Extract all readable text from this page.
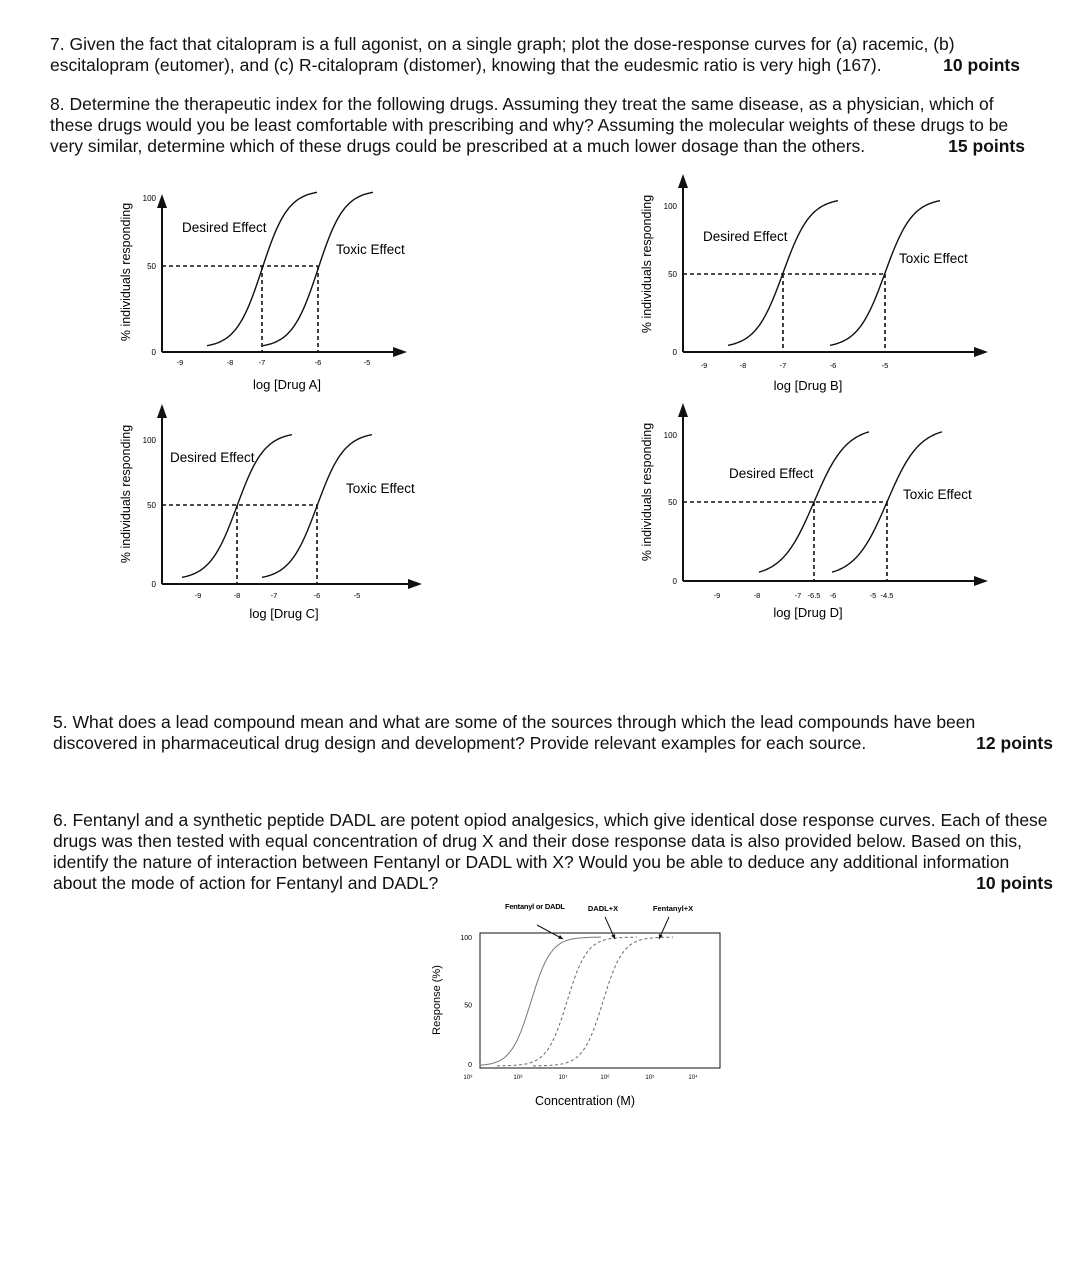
7. Given the fact that citalopram is a full agonist, on a single graph; plot the dose-response curves for (a) racemic, (b) escitalopram (eutomer), and (c) R-citalopram (distomer), knowing that the eudesmic ratio is very high (167).	10 points

8. Determine the therapeutic index for the following drugs. Assuming they treat the same disease, as a physician, which of these drugs would you be least comfortable with prescribing and why? Assuming the molecular weights of these drugs to be very similar, determine which of these drugs could be prescribed at a much lower dosage than the others.	15 points
0
50
100
-9	-8	-7	-6	-5
Desired Effect
Toxic Effect
log [Drug A]
% individuals responding
0
50
100
-9	-8	-7	-6	-5
Desired Effect
Toxic Effect
log [Drug B]
% individuals responding
0
50
100
-9	-8	-7	-6	-5
Desired Effect
Toxic Effect
log [Drug C]
% individuals responding
0
50
100
-9	-8	-7 -6.5 -6	-5 -4.5
Desired Effect
Toxic Effect
log [Drug D]
% individuals responding

5. What does a lead compound mean and what are some of the sources through which the lead compounds have been discovered in pharmaceutical drug design and development? Provide relevant examples for each source.	12 points

6. Fentanyl and a synthetic peptide DADL are potent opiod analgesics, which give identical dose response curves. Each of these drugs was then tested with equal concentration of drug X and their dose response data is also provided below. Based on this, identify the nature of interaction between Fentanyl or DADL with X? Would you be able to deduce any additional information about the mode of action for Fentanyl and DADL?	10 points
Response (%)
0
50
100
10⁹	10⁸	10⁷	10⁶	10⁵	10⁴
Concentration (M)
Fentanyl or DADL	DADL+X	Fentanyl+X
